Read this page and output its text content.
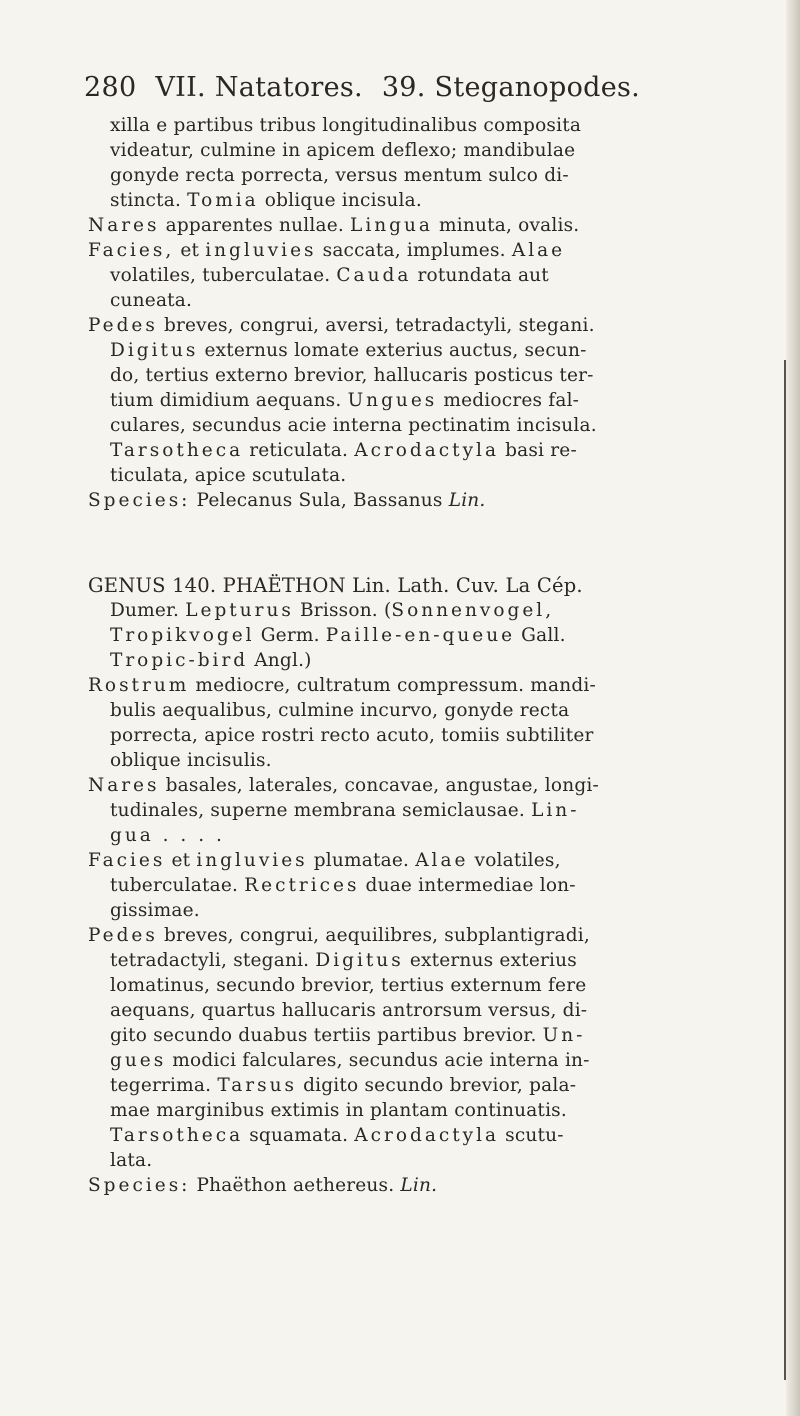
280 VII. Natatores. 39. Steganopodes.
xilla e partibus tribus longitudinalibus composita
videatur, culmine in apicem deflexo; mandibulae
gonyde recta porrecta, versus mentum sulco di-
stincta. Tomia oblique incisula.
Nares apparentes nullae. Lingua minuta, ovalis.
Facies, et ingluvies saccata, implumes. Alae
volatiles, tuberculatae. Cauda rotundata aut
cuneata.
Pedes breves, congrui, aversi, tetradactyli, stegani.
Digitus externus lomate exterius auctus, secun-
do, tertius externo brevior, hallucaris posticus ter-
tium dimidium aequans. Ungues mediocres fal-
culares, secundus acie interna pectinatim incisula.
Tarsotheca reticulata. Acrodactyla basi re-
ticulata, apice scutulata.
Species: Pelecanus Sula, Bassanus Lin.
GENUS 140. PHAËTHON Lin. Lath. Cuv. La Cép.
Dumer. Lepturus Brisson. (Sonnenvogel,
Tropikvogel Germ. Paille-en-queue Gall.
Tropic-bird Angl.)
Rostrum mediocre, cultratum compressum. mandi-
bulis aequalibus, culmine incurvo, gonyde recta
porrecta, apice rostri recto acuto, tomiis subtiliter
oblique incisulis.
Nares basales, laterales, concavae, angustae, longi-
tudinales, superne membrana semiclausae. Lin-
gua . . . .
Facies et ingluvies plumatae. Alae volatiles,
tuberculatae. Rectrices duae intermediae lon-
gissimae.
Pedes breves, congrui, aequilibres, subplantigradi,
tetradactyli, stegani. Digitus externus exterius
lomatinus, secundo brevior, tertius externum fere
aequans, quartus hallucaris antrorsum versus, di-
gito secundo duabus tertiis partibus brevior. Un-
gues modici falculares, secundus acie interna in-
tegerrima. Tarsus digito secundo brevior, pala-
mae marginibus extimis in plantam continuatis.
Tarsotheca squamata. Acrodactyla scutu-
lata.
Species: Phaëthon aethereus. Lin.
